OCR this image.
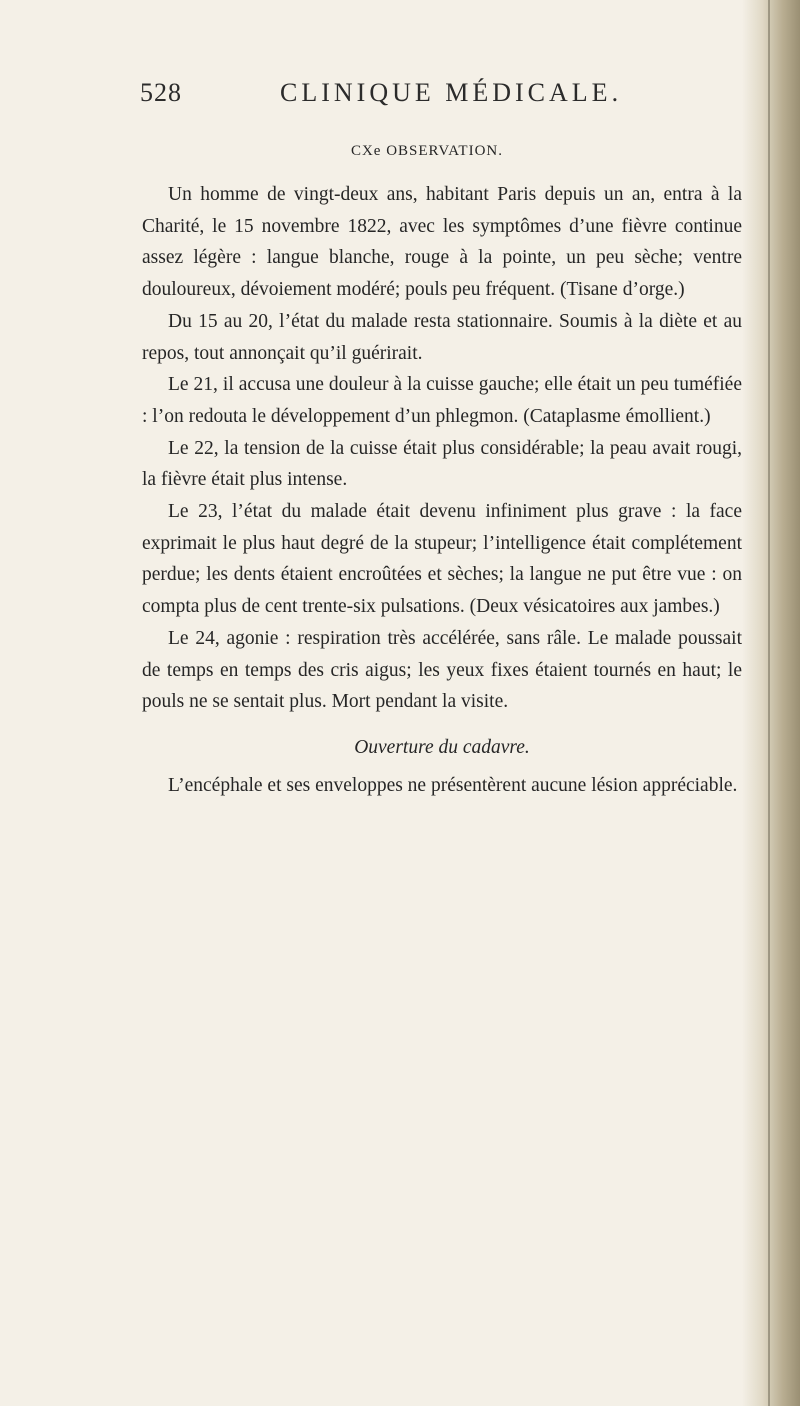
528	CLINIQUE MÉDICALE.
CXe OBSERVATION.

Un homme de vingt-deux ans, habitant Paris depuis un an, entra à la Charité, le 15 novembre 1822, avec les symptômes d’une fièvre continue assez légère : langue blanche, rouge à la pointe, un peu sèche; ventre douloureux, dévoiement modéré; pouls peu fréquent. (Tisane d’orge.)

Du 15 au 20, l’état du malade resta stationnaire. Soumis à la diète et au repos, tout annonçait qu’il guérirait.

Le 21, il accusa une douleur à la cuisse gauche; elle était un peu tuméfiée : l’on redouta le développement d’un phlegmon. (Cataplasme émollient.)

Le 22, la tension de la cuisse était plus considérable; la peau avait rougi, la fièvre était plus intense.

Le 23, l’état du malade était devenu infiniment plus grave : la face exprimait le plus haut degré de la stupeur; l’intelligence était complétement perdue; les dents étaient encroûtées et sèches; la langue ne put être vue : on compta plus de cent trente-six pulsations. (Deux vésicatoires aux jambes.)

Le 24, agonie : respiration très accélérée, sans râle. Le malade poussait de temps en temps des cris aigus; les yeux fixes étaient tournés en haut; le pouls ne se sentait plus. Mort pendant la visite.

Ouverture du cadavre.

L’encéphale et ses enveloppes ne présentèrent aucune lésion appréciable.
